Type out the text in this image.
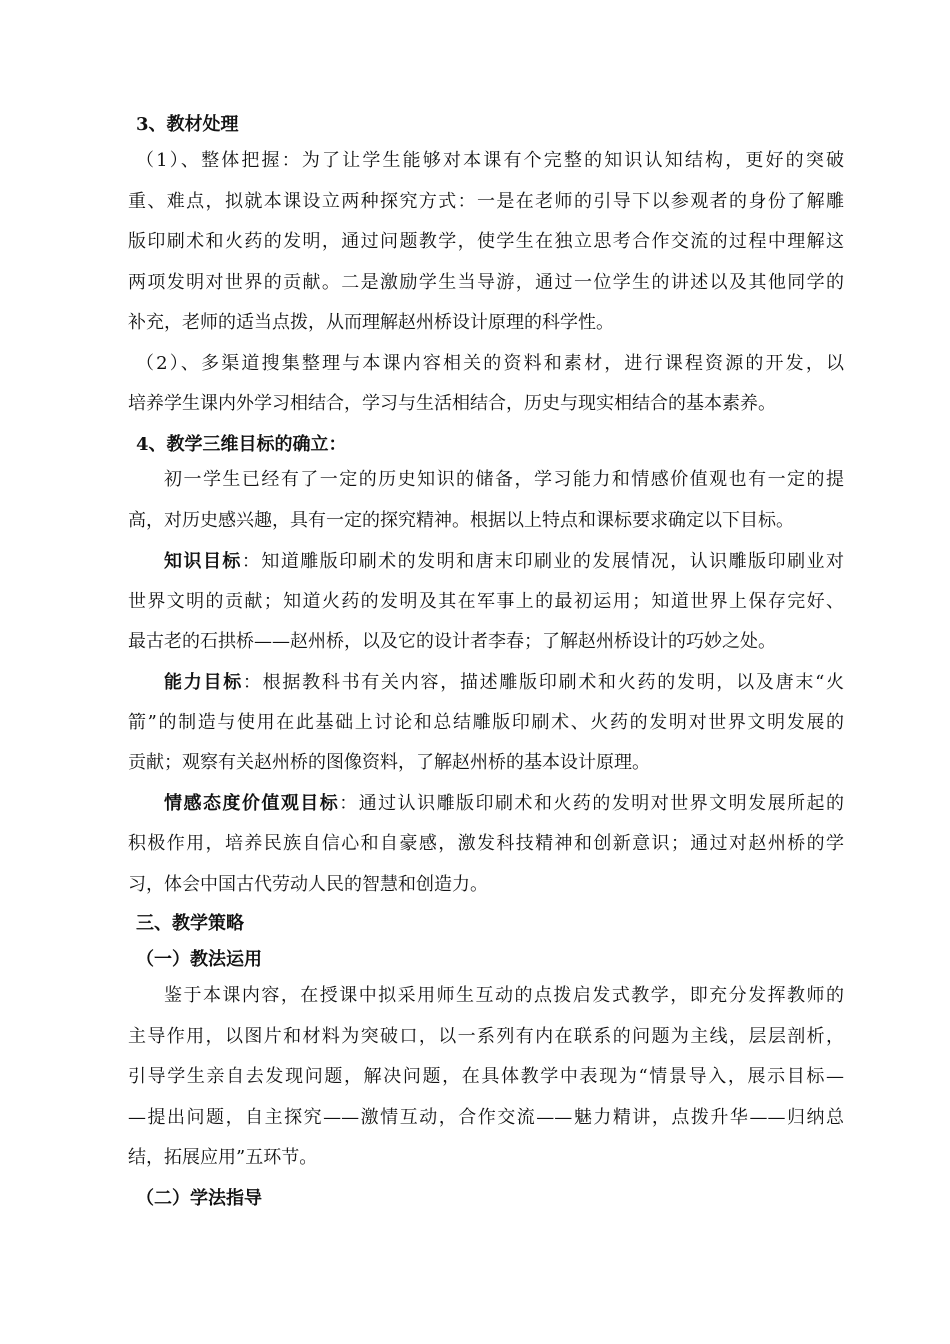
3、教材处理
（1）、整体把握：为了让学生能够对本课有个完整的知识认知结构，更好的突破
重、难点，拟就本课设立两种探究方式：一是在老师的引导下以参观者的身份了解雕
版印刷术和火药的发明，通过问题教学，使学生在独立思考合作交流的过程中理解这
两项发明对世界的贡献。二是激励学生当导游，通过一位学生的讲述以及其他同学的
补充，老师的适当点拨，从而理解赵州桥设计原理的科学性。
（2）、多渠道搜集整理与本课内容相关的资料和素材，进行课程资源的开发，以
培养学生课内外学习相结合，学习与生活相结合，历史与现实相结合的基本素养。
4、教学三维目标的确立：
初一学生已经有了一定的历史知识的储备，学习能力和情感价值观也有一定的提
高，对历史感兴趣，具有一定的探究精神。根据以上特点和课标要求确定以下目标。
知识目标：知道雕版印刷术的发明和唐末印刷业的发展情况，认识雕版印刷业对
世界文明的贡献；知道火药的发明及其在军事上的最初运用；知道世界上保存完好、
最古老的石拱桥——赵州桥，以及它的设计者李春；了解赵州桥设计的巧妙之处。
能力目标：根据教科书有关内容，描述雕版印刷术和火药的发明，以及唐末“火
箭”的制造与使用在此基础上讨论和总结雕版印刷术、火药的发明对世界文明发展的
贡献；观察有关赵州桥的图像资料，了解赵州桥的基本设计原理。
情感态度价值观目标：通过认识雕版印刷术和火药的发明对世界文明发展所起的
积极作用，培养民族自信心和自豪感，激发科技精神和创新意识；通过对赵州桥的学
习，体会中国古代劳动人民的智慧和创造力。
三、教学策略
（一）教法运用
鉴于本课内容，在授课中拟采用师生互动的点拨启发式教学，即充分发挥教师的
主导作用，以图片和材料为突破口，以一系列有内在联系的问题为主线，层层剖析，
引导学生亲自去发现问题，解决问题，在具体教学中表现为“情景导入，展示目标—
—提出问题，自主探究——激情互动，合作交流——魅力精讲，点拨升华——归纳总
结，拓展应用”五环节。
（二）学法指导
